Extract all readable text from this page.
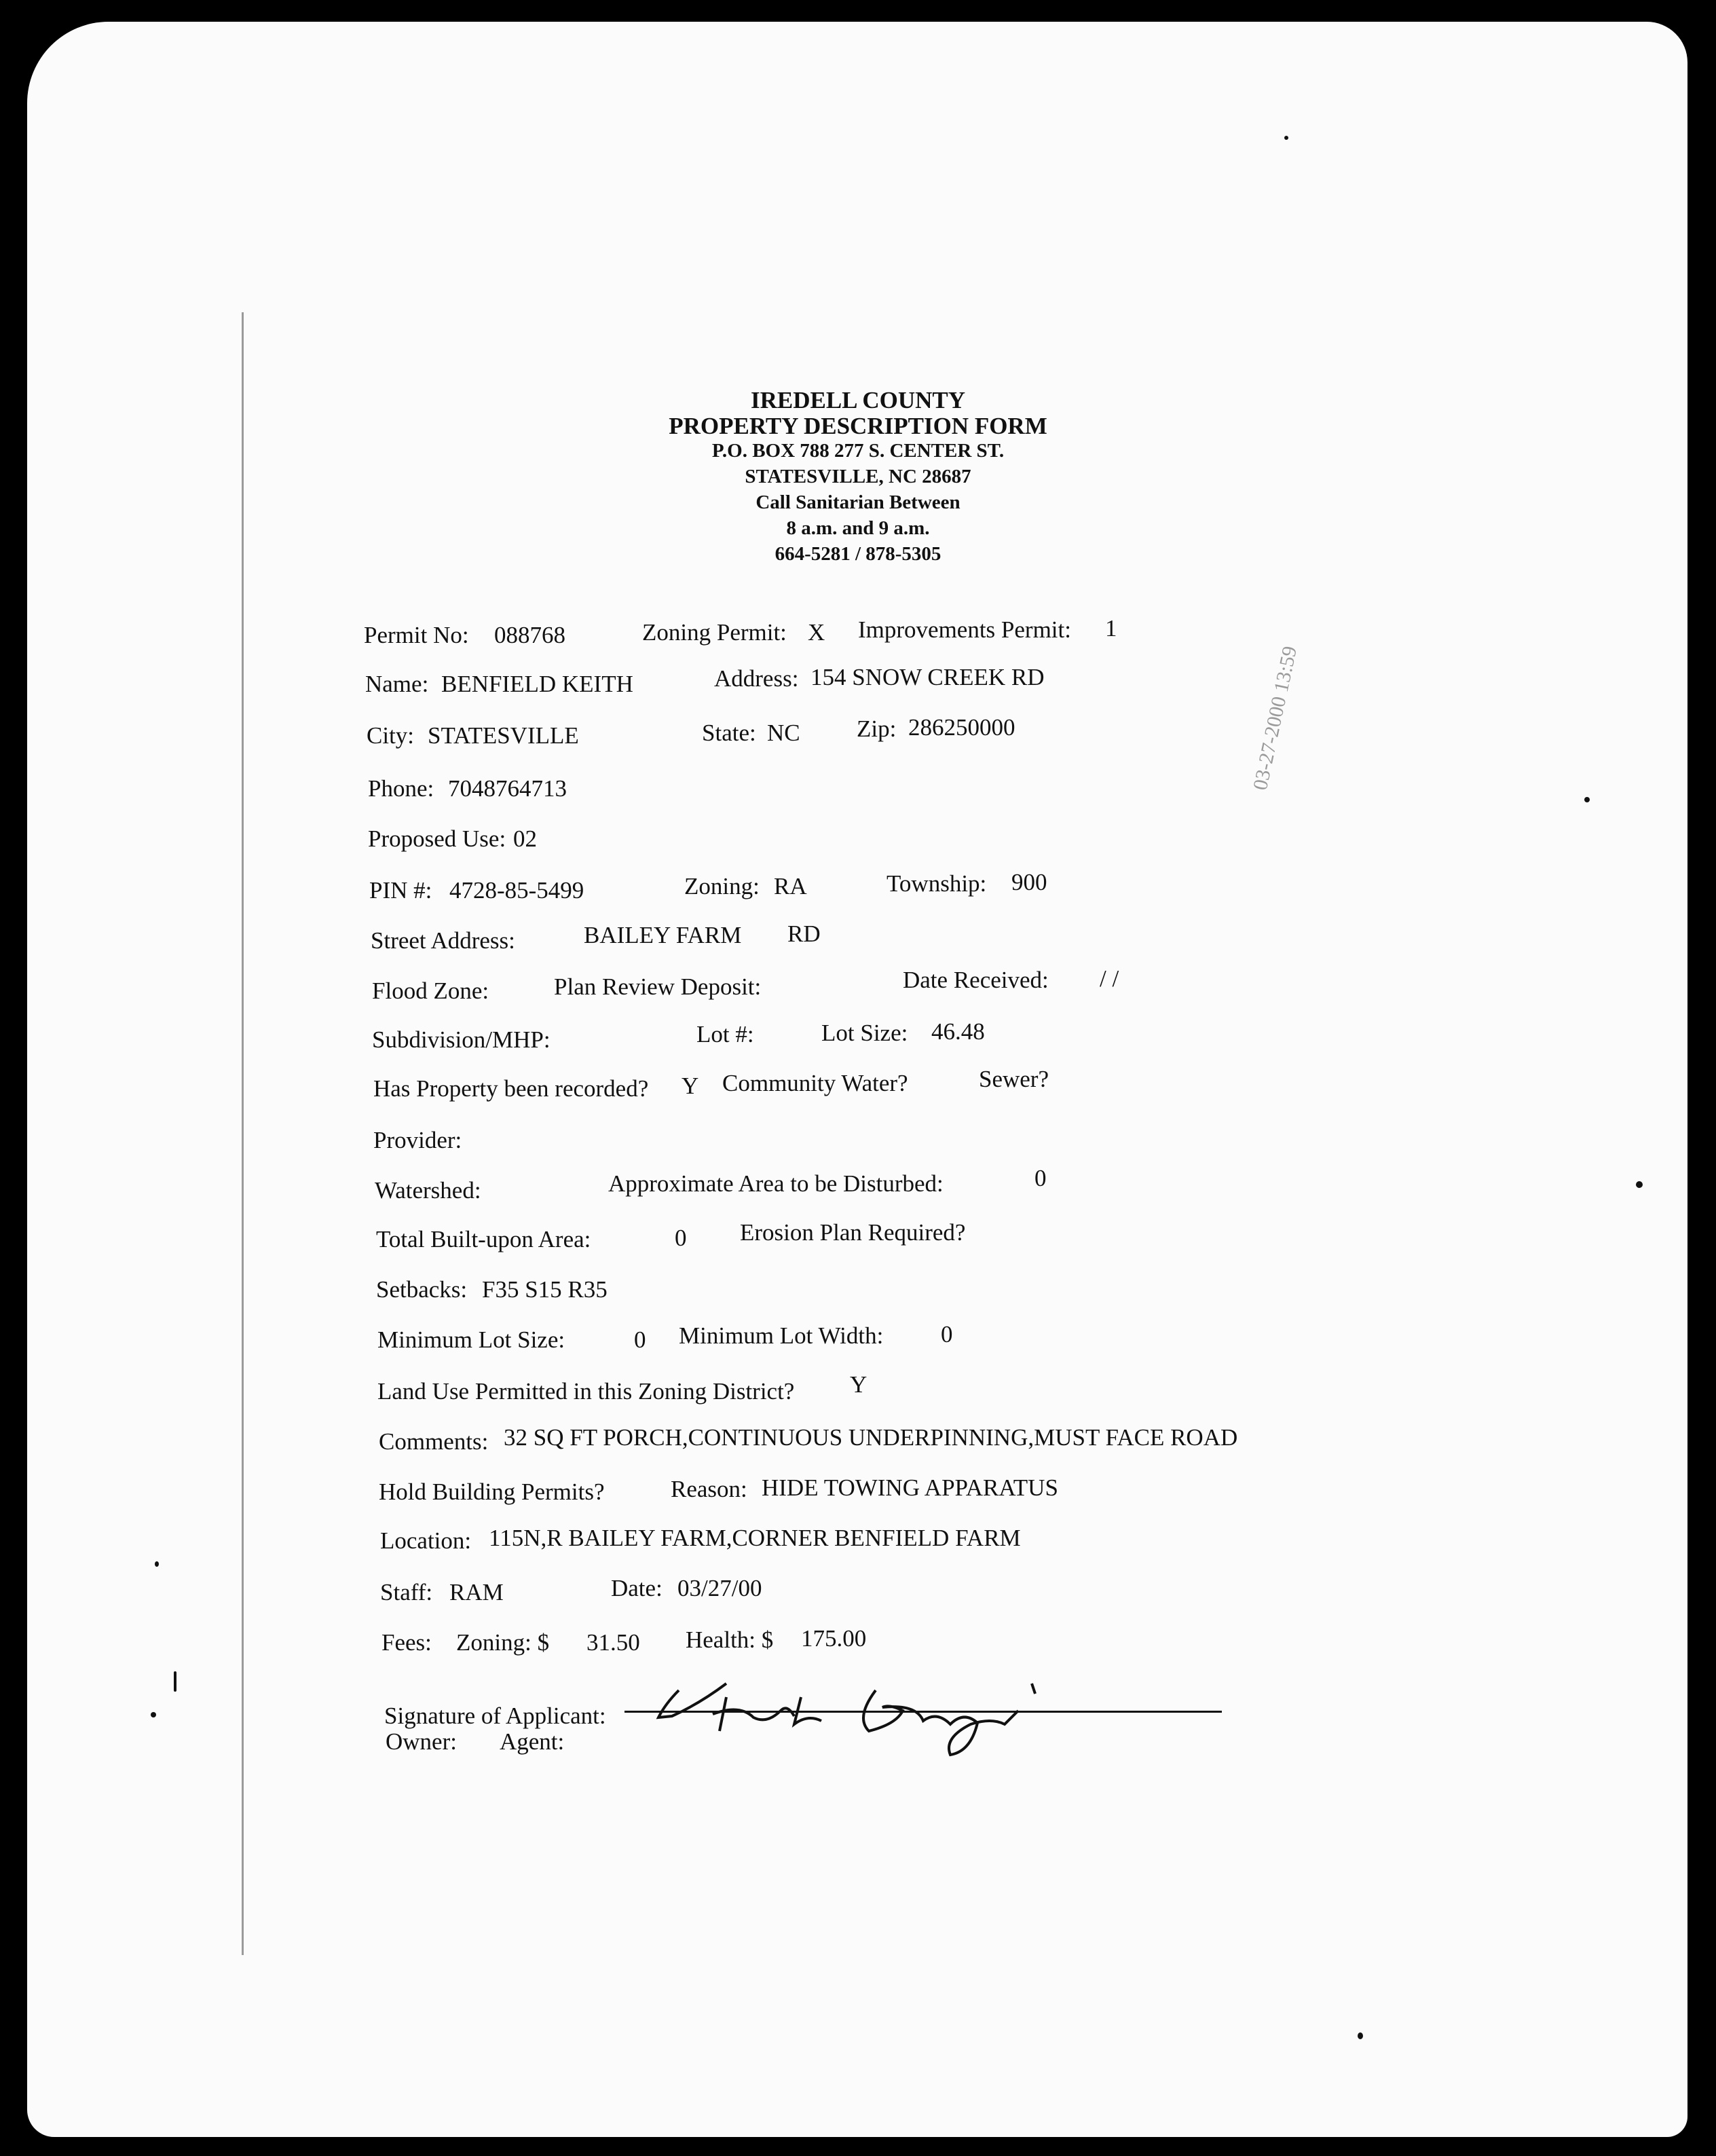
IREDELL COUNTY
PROPERTY DESCRIPTION FORM
P.O. BOX 788 277 S. CENTER ST.
STATESVILLE, NC 28687
Call Sanitarian Between
8 a.m. and 9 a.m.
664-5281 / 878-5305
Permit No: 088768	Zoning Permit: X Improvements Permit: 1
Name: BENFIELD KEITH	Address: 154 SNOW CREEK RD
City: STATESVILLE	State: NC Zip: 286250000
Phone: 7048764713
Proposed Use: 02
PIN #: 4728-85-5499	Zoning: RA	Township: 900
Street Address:	BAILEY FARM RD
Flood Zone:	Plan Review Deposit:	Date Received: / /
Subdivision/MHP:	Lot #:	Lot Size: 46.48
Has Property been recorded? Y Community Water?	Sewer?
Provider:
Watershed:	Approximate Area to be Disturbed:	0
Total Built-upon Area:	0 Erosion Plan Required?
Setbacks: F35 S15 R35
Minimum Lot Size:	0 Minimum Lot Width: 0
Land Use Permitted in this Zoning District? Y
Comments: 32 SQ FT PORCH,CONTINUOUS UNDERPINNING,MUST FACE ROAD
Hold Building Permits?	Reason: HIDE TOWING APPARATUS
Location: 115N,R BAILEY FARM,CORNER BENFIELD FARM
Staff: RAM	Date: 03/27/00
Fees: Zoning: $ 31.50 Health: $ 175.00
Signature of Applicant:
Owner: Agent:
03-27-2000 13:59
